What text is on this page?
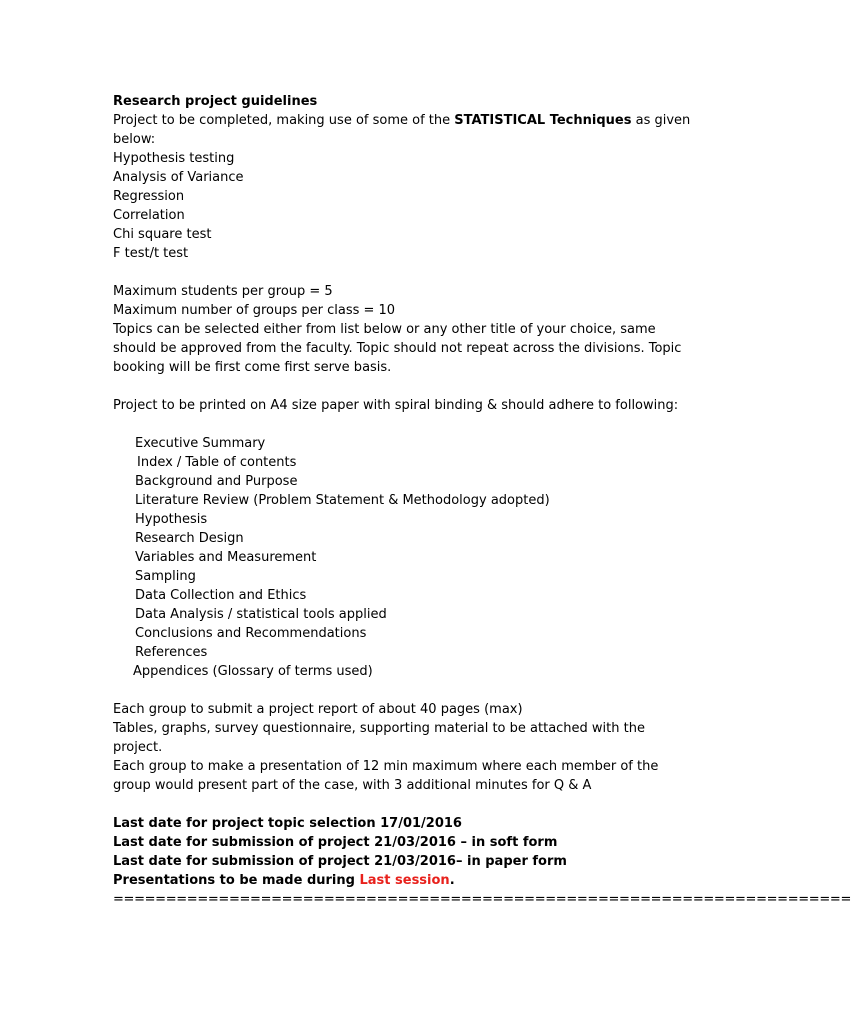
Research project guidelines
Project to be completed, making use of some of the STATISTICAL Techniques as given
below:
Hypothesis testing
Analysis of Variance
Regression
Correlation
Chi square test
F test/t test
Maximum students per group = 5
Maximum number of groups per class = 10
Topics can be selected either from list below or any other title of your choice, same
should be approved from the faculty. Topic should not repeat across the divisions. Topic
booking will be first come first serve basis.
Project to be printed on A4 size paper with spiral binding & should adhere to following:
Executive Summary
Index / Table of contents
Background and Purpose
Literature Review (Problem Statement & Methodology adopted)
Hypothesis
Research Design
Variables and Measurement
Sampling
Data Collection and Ethics
Data Analysis / statistical tools applied
Conclusions and Recommendations
References
Appendices (Glossary of terms used)
Each group to submit a project report of about 40 pages (max)
Tables, graphs, survey questionnaire, supporting material to be attached with the
project.
Each group to make a presentation of 12 min maximum where each member of the
group would present part of the case, with 3 additional minutes for Q & A
Last date for project topic selection 17/01/2016
Last date for submission of project 21/03/2016 – in soft form
Last date for submission of project 21/03/2016– in paper form
Presentations to be made during Last session.
======================================================================
